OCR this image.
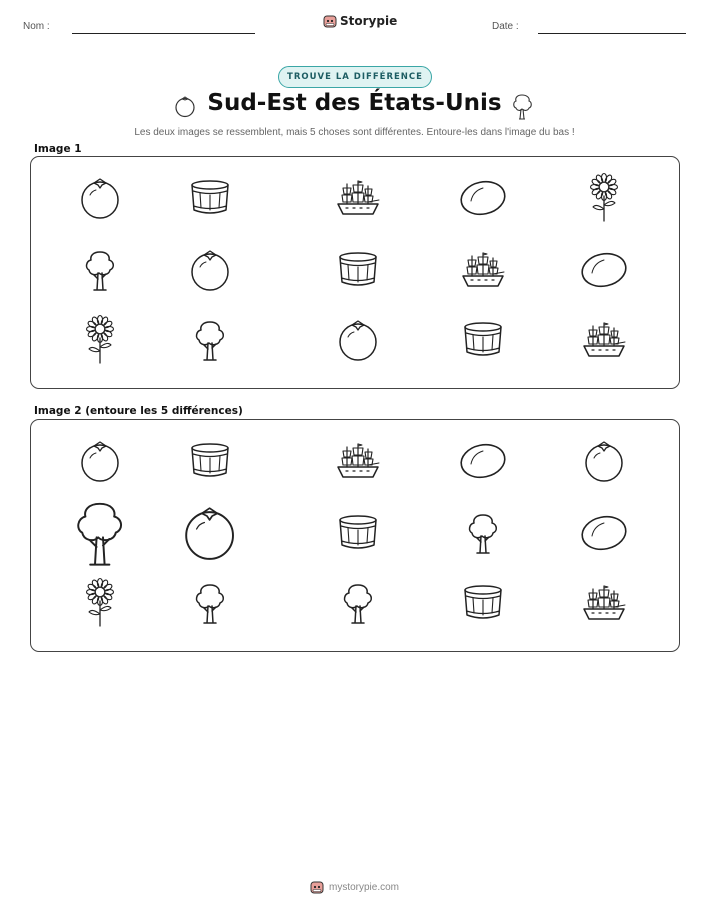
Nom :	Storypie	Date :
TROUVE LA DIFFÉRENCE
Sud-Est des États-Unis
Les deux images se ressemblent, mais 5 choses sont différentes. Entoure-les dans l'image du bas !
Image 1
Image 2 (entoure les 5 différences)
mystorypie.com
